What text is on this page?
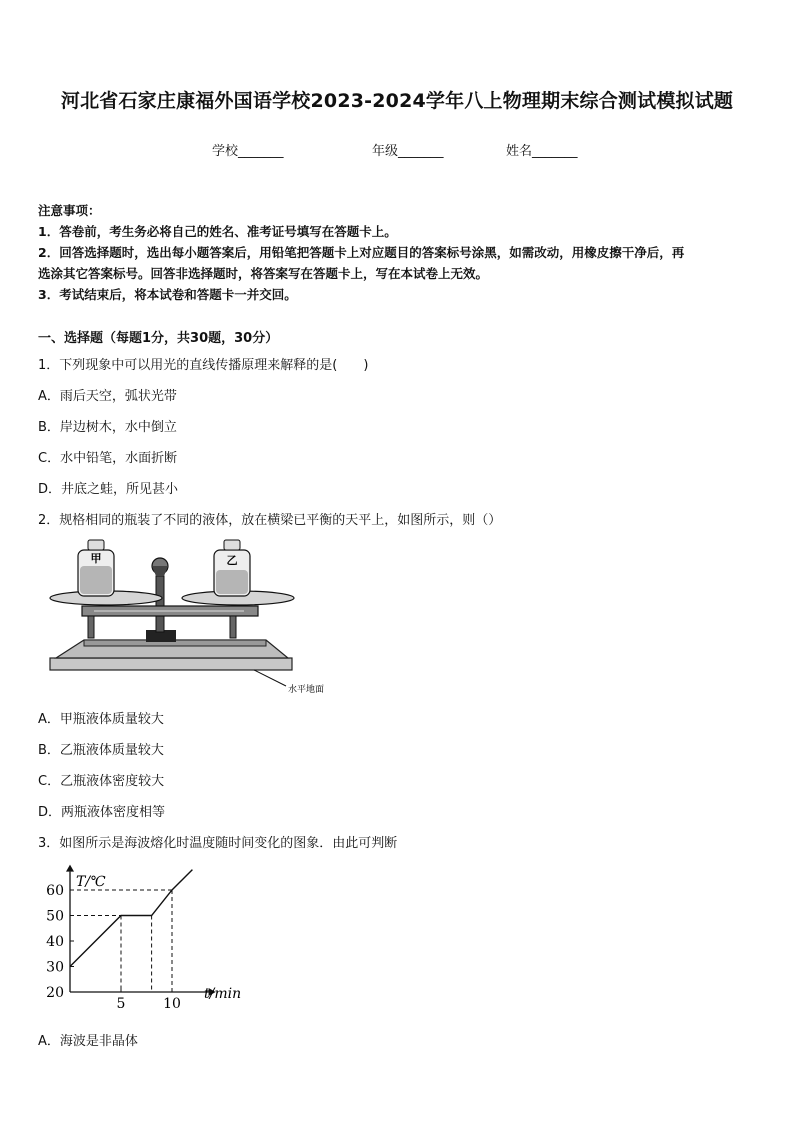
河北省石家庄康福外国语学校2023-2024学年八上物理期末综合测试模拟试题
学校_______	年级_______	姓名_______
注意事项：
1．答卷前，考生务必将自己的姓名、准考证号填写在答题卡上。
2．回答选择题时，选出每小题答案后，用铅笔把答题卡上对应题目的答案标号涂黑，如需改动，用橡皮擦干净后，再
选涂其它答案标号。回答非选择题时，将答案写在答题卡上，写在本试卷上无效。
3．考试结束后，将本试卷和答题卡一并交回。
一、选择题（每题1分，共30题，30分）
1．下列现象中可以用光的直线传播原理来解释的是(　　)
A．雨后天空，弧状光带
B．岸边树木，水中倒立
C．水中铅笔，水面折断
D．井底之蛙，所见甚小
2．规格相同的瓶装了不同的液体，放在横梁已平衡的天平上，如图所示，则（）
甲	乙
水平地面
A．甲瓶液体质量较大
B．乙瓶液体质量较大
C．乙瓶液体密度较大
D．两瓶液体密度相等
3．如图所示是海波熔化时温度随时间变化的图象．由此可判断
20
30
40
50
60
5	10
T/℃
t/min
A．海波是非晶体
